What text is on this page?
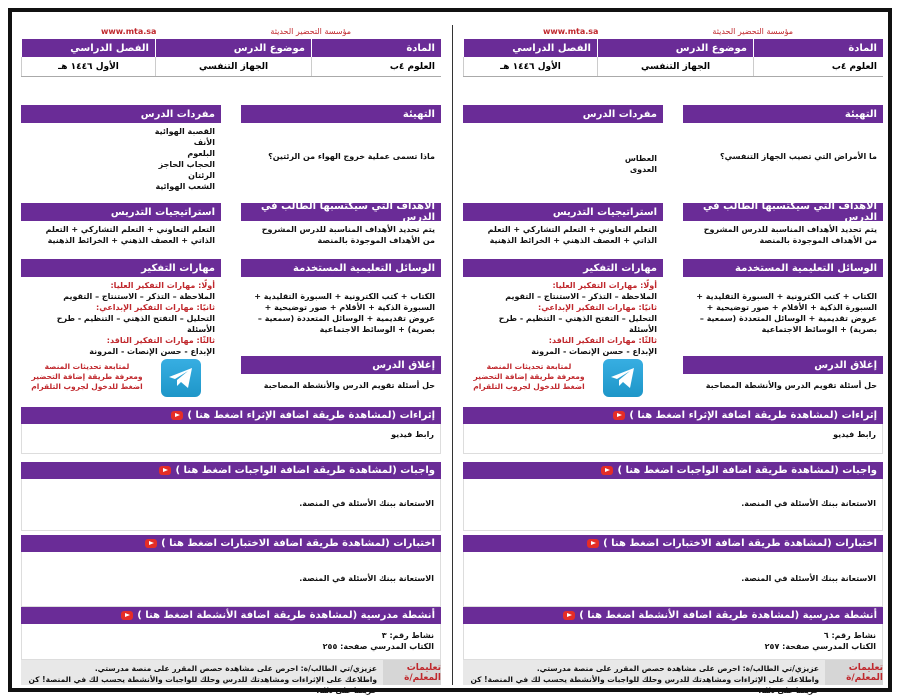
مؤسسة التحضير الحديثة
www.mta.sa
المادة
موضوع الدرس
الفصل الدراسي
العلوم ٤ب
الجهاز التنفسي
الأول ١٤٤٦ هـ
التهيئة
ماذا تسمى عملية خروج الهواء من الرئتين؟
مفردات الدرس
القصبة الهوائية
الأنف
البلعوم
الحجاب الحاجز
الرئتان
الشعب الهوائية
الأهداف التي سيكتسبها الطالب في الدرس
يتم تحديد الأهداف المناسبة للدرس المشروح من الأهداف الموجودة بالمنصة
استراتيجيات التدريس
التعلم التعاوني + التعلم التشاركي + التعلم الذاتي + العصف الذهني + الخرائط الذهنية
الوسائل التعليمية المستخدمة
الكتاب + كتب الكترونية + السبورة التقليدية + السبورة الذكية + الأقلام + صور توضيحية + عروض تقديمية + الوسائل المتعددة (سمعية – بصرية) + الوسائط الاجتماعية
مهارات التفكير
أولًا: مهارات التفكير العليا:
الملاحظة – التذكر – الاستنتاج – التقويم
ثانيًا: مهارات التفكير الإبداعي:
التحليل – التفتح الذهني – التنظيم - طرح الأسئلة
ثالثًا: مهارات التفكير الناقد:
الإبداع - حسن الإنصات - المرونة
إغلاق الدرس
حل أسئلة تقويم الدرس والأنشطة المصاحبة
لمتابعة تحديثات المنصة
ومعرفة طريقة إضافة التحضير
اضغط للدخول لجروب التلقرام
إثراءات (لمشاهدة طريقة اضافة الإثراء اضغط هنا )
رابط فيديو
واجبات (لمشاهدة طريقة اضافة الواجبات اضغط هنا )
الاستعانة ببنك الأسئلة في المنصة.
اختبارات (لمشاهدة طريقة اضافة الاختبارات اضغط هنا )
الاستعانة ببنك الأسئلة في المنصة.
أنشطة مدرسية (لمشاهدة طريقة اضافة الأنشطة اضغط هنا )
نشاط رقم: ٣
الكتاب المدرسي صفحة: ٢٥٥
تعليمات المعلم/ة
عزيزي/تي الطالب/ة: احرص على مشاهدة حصص المقرر على منصة مدرستي.
واطلاعك على الإثراءات ومشاهدتك للدرس وحلك للواجبات والأنشطة يحسب لك في المنصة! كن حريصا على ذلك.
مؤسسة التحضير الحديثة
www.mta.sa
المادة
موضوع الدرس
الفصل الدراسي
العلوم ٤ب
الجهاز التنفسي
الأول ١٤٤٦ هـ
التهيئة
ما الأمراض التي تصيب الجهاز التنفسي؟
مفردات الدرس
العطاس
العدوى
الأهداف التي سيكتسبها الطالب في الدرس
يتم تحديد الأهداف المناسبة للدرس المشروح من الأهداف الموجودة بالمنصة
استراتيجيات التدريس
التعلم التعاوني + التعلم التشاركي + التعلم الذاتي + العصف الذهني + الخرائط الذهنية
الوسائل التعليمية المستخدمة
الكتاب + كتب الكترونية + السبورة التقليدية + السبورة الذكية + الأقلام + صور توضيحية + عروض تقديمية + الوسائل المتعددة (سمعية – بصرية) + الوسائط الاجتماعية
مهارات التفكير
أولًا: مهارات التفكير العليا:
الملاحظة – التذكر – الاستنتاج – التقويم
ثانيًا: مهارات التفكير الإبداعي:
التحليل – التفتح الذهني – التنظيم - طرح الأسئلة
ثالثًا: مهارات التفكير الناقد:
الإبداع - حسن الإنصات - المرونة
إغلاق الدرس
حل أسئلة تقويم الدرس والأنشطة المصاحبة
لمتابعة تحديثات المنصة
ومعرفة طريقة إضافة التحضير
اضغط للدخول لجروب التلقرام
إثراءات (لمشاهدة طريقة اضافة الإثراء اضغط هنا )
رابط فيديو
واجبات (لمشاهدة طريقة اضافة الواجبات اضغط هنا )
الاستعانة ببنك الأسئلة في المنصة.
اختبارات (لمشاهدة طريقة اضافة الاختبارات اضغط هنا )
الاستعانة ببنك الأسئلة في المنصة.
أنشطة مدرسية (لمشاهدة طريقة اضافة الأنشطة اضغط هنا )
نشاط رقم: ٦
الكتاب المدرسي صفحة: ٢٥٧
تعليمات المعلم/ة
عزيزي/تي الطالب/ة: احرص على مشاهدة حصص المقرر على منصة مدرستي.
واطلاعك على الإثراءات ومشاهدتك للدرس وحلك للواجبات والأنشطة يحسب لك في المنصة! كن حريصا على ذلك.
